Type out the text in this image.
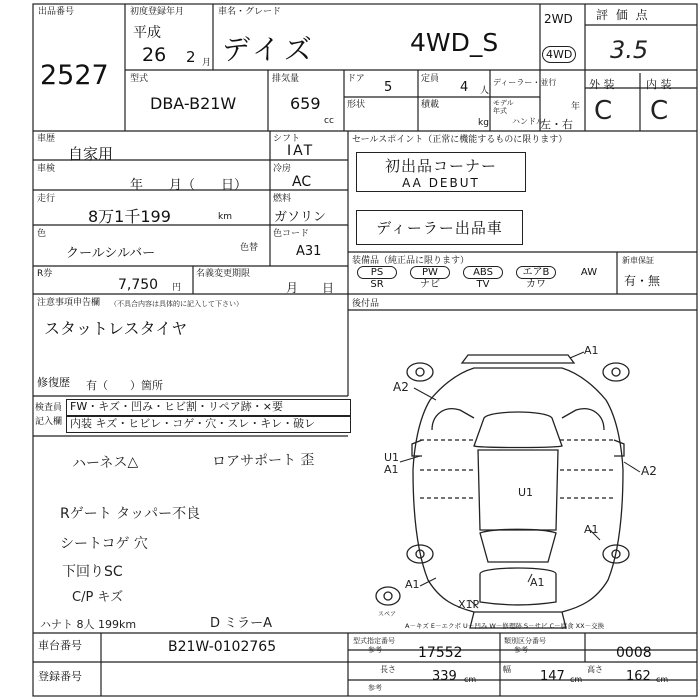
出品番号
2527
初度登録年月
平成
26 2 月
車名・グレード
デイズ	4WD_S
2WD
4WD
評 価 点
3.5
型式
DBA-B21W
排気量
659
cc
ドア
5
定員
4 人
ディーラー・並行
形状	積載
kg
モデル 年式	年
ハンドル
左・右
外 装	内 装
C C
車歴
自家用
車検
年　　月（　　日）
走行
8万1千199	km
色
クールシルバー	色替
R券
7,750 円
名義変更期限
月　　日
シフト
IAT
冷房
AC
燃料
ガソリン
色コード
A31
セールスポイント（正常に機能するものに限ります）
初出品コーナー
AA DEBUT
ディーラー出品車
装備品（純正品に限ります）
PS
SR
PW
ナビ
ABS
TV
エアB
カワ
AW
新車保証
有・無
後付品
注意事項申告欄 （不具合内容は具体的に記入して下さい）
スタットレスタイヤ
修復歴 有（　　）箇所
検査員
記入欄
FW・キズ・凹み・ヒビ割・リペア跡・×要
内装 キズ・ヒビレ・コゲ・穴・スレ・キレ・破レ
ハーネス△	ロアサポート 歪
Rゲート タッパー不良
シートコゲ 穴
下回りSC
C/P キズ
ハナト 8人 199km	D ミラーA
A1
A2
U1 A1	A2
U1
A1
A1	A1
X1P
スペア
A－キズ E－エクボ U－凹み W－修理跡 S－サビ C－腐食 XX－交換
車台番号	B21W-0102765
登録番号
型式指定番号
参考	17552
類別区分番号
参考	0008
長さ	339 cm
幅 147 cm
高さ 162 cm
参考
